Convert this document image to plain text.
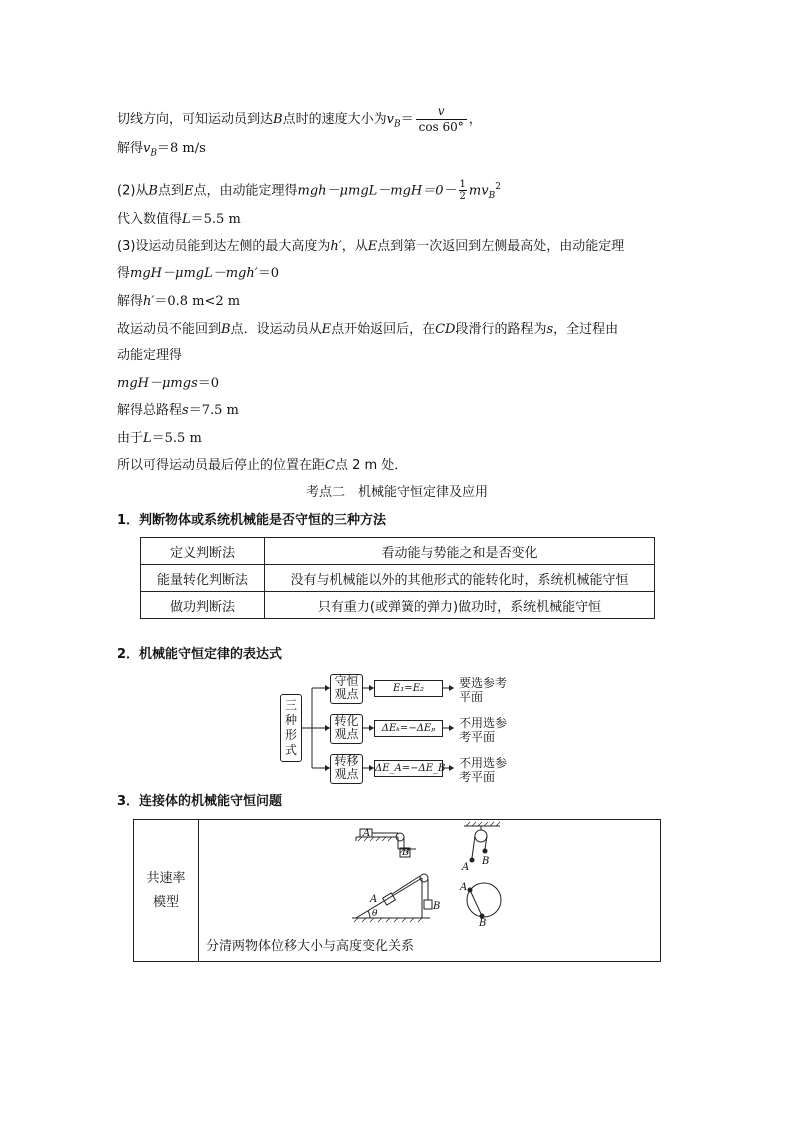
切线方向，可知运动员到达B点时的速度大小为$v_B= \frac{v}{\cos 60^\circ}$ ，
解得$v_B=8$ m/s
(2)从B点到E点，由动能定理得$mgh-\mu mgL-mgH=0- \frac{1}{2} mv_B^2$
代入数值得L＝5.5 m
(3)设运动员能到达左侧的最大高度为h′，从E点到第一次返回到左侧最高处，由动能定理
得mgH－μmgL－mgh′＝0
解得h′＝0.8 m<2 m
故运动员不能回到B点．设运动员从E点开始返回后，在CD段滑行的路程为s，全过程由
动能定理得
mgH－μmgs＝0
解得总路程s＝7.5 m
由于L＝5.5 m
所以可得运动员最后停止的位置在距C点 2 m 处．
考点二　机械能守恒定律及应用
1．判断物体或系统机械能是否守恒的三种方法
定义判断法	看动能与势能之和是否变化
能量转化判断法	没有与机械能以外的其他形式的能转化时，系统机械能守恒
做功判断法	只有重力(或弹簧的弹力)做功时，系统机械能守恒
2．机械能守恒定律的表达式
三
种
形
式
守恒
观点	E₁=E₂	要选参考
平面
转化
观点	ΔEₖ=−ΔEₚ	不用选参
考平面
转移
观点	ΔE_A=−ΔE_B 不用选参
考平面
3．连接体的机械能守恒问题
共速率
模型
分清两物体位移大小与高度变化关系
A
B
A
B
θ
A
B
A
B
